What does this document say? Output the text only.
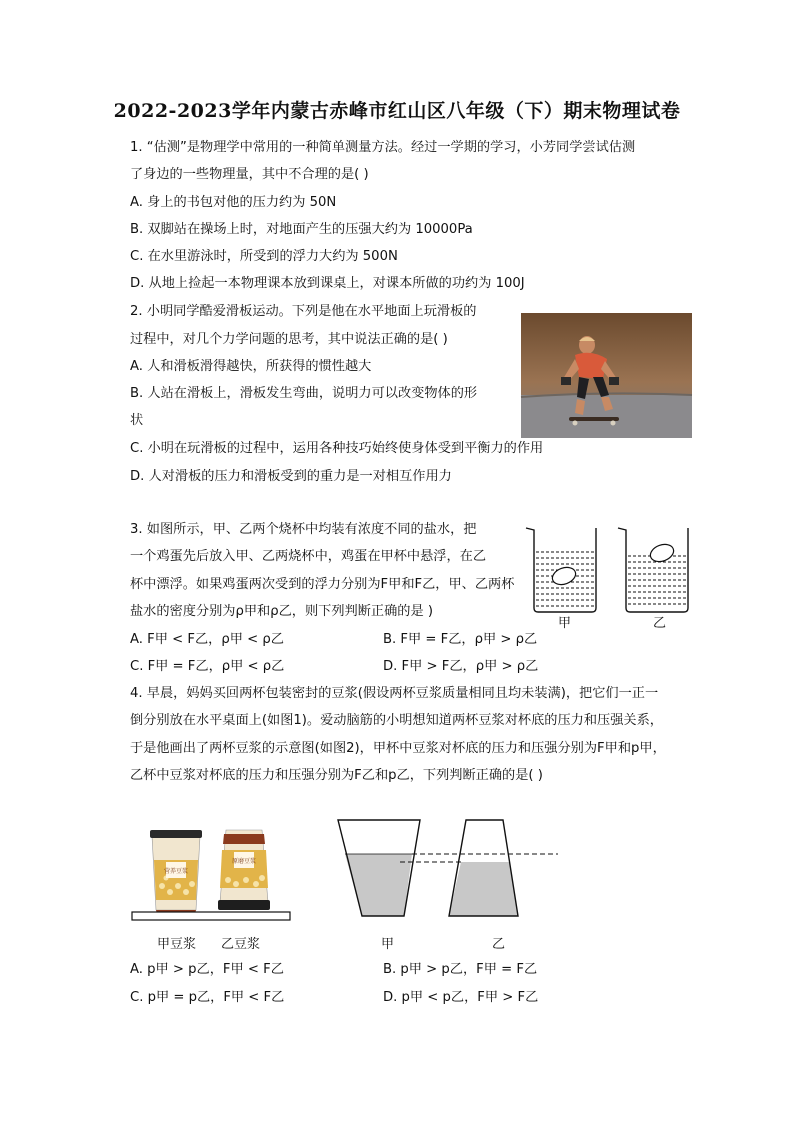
2022-2023学年内蒙古赤峰市红山区八年级（下）期末物理试卷
1. “估测”是物理学中常用的一种简单测量方法。经过一学期的学习，小芳同学尝试估测
了身边的一些物理量，其中不合理的是( )
A. 身上的书包对他的压力约为 50N
B. 双脚站在操场上时，对地面产生的压强大约为 10000Pa
C. 在水里游泳时，所受到的浮力大约为 500N
D. 从地上捡起一本物理课本放到课桌上，对课本所做的功约为 100J
2. 小明同学酷爱滑板运动。下列是他在水平地面上玩滑板的
过程中，对几个力学问题的思考，其中说法正确的是( )
A. 人和滑板滑得越快，所获得的惯性越大
B. 人站在滑板上，滑板发生弯曲，说明力可以改变物体的形
状
C. 小明在玩滑板的过程中，运用各种技巧始终使身体受到平衡力的作用
D. 人对滑板的压力和滑板受到的重力是一对相互作用力
3. 如图所示，甲、乙两个烧杯中均装有浓度不同的盐水，把
一个鸡蛋先后放入甲、乙两烧杯中，鸡蛋在甲杯中悬浮，在乙
杯中漂浮。如果鸡蛋两次受到的浮力分别为F甲和F乙，甲、乙两杯
盐水的密度分别为ρ甲和ρ乙，则下列判断正确的是 )
甲	乙
A. F甲 < F乙，ρ甲 < ρ乙	B. F甲 = F乙，ρ甲 > ρ乙
C. F甲 = F乙，ρ甲 < ρ乙	D. F甲 > F乙，ρ甲 > ρ乙
4. 早晨，妈妈买回两杯包装密封的豆浆(假设两杯豆浆质量相同且均未装满)，把它们一正一
倒分别放在水平桌面上(如图1)。爱动脑筋的小明想知道两杯豆浆对杯底的压力和压强关系，
于是他画出了两杯豆浆的示意图(如图2)，甲杯中豆浆对杯底的压力和压强分别为F甲和p甲，
乙杯中豆浆对杯底的压力和压强分别为F乙和p乙，下列判断正确的是( )
营养豆浆
原磨豆浆
甲豆浆 乙豆浆	甲	乙
A. p甲 > p乙，F甲 < F乙	B. p甲 > p乙，F甲 = F乙
C. p甲 = p乙，F甲 < F乙	D. p甲 < p乙，F甲 > F乙
